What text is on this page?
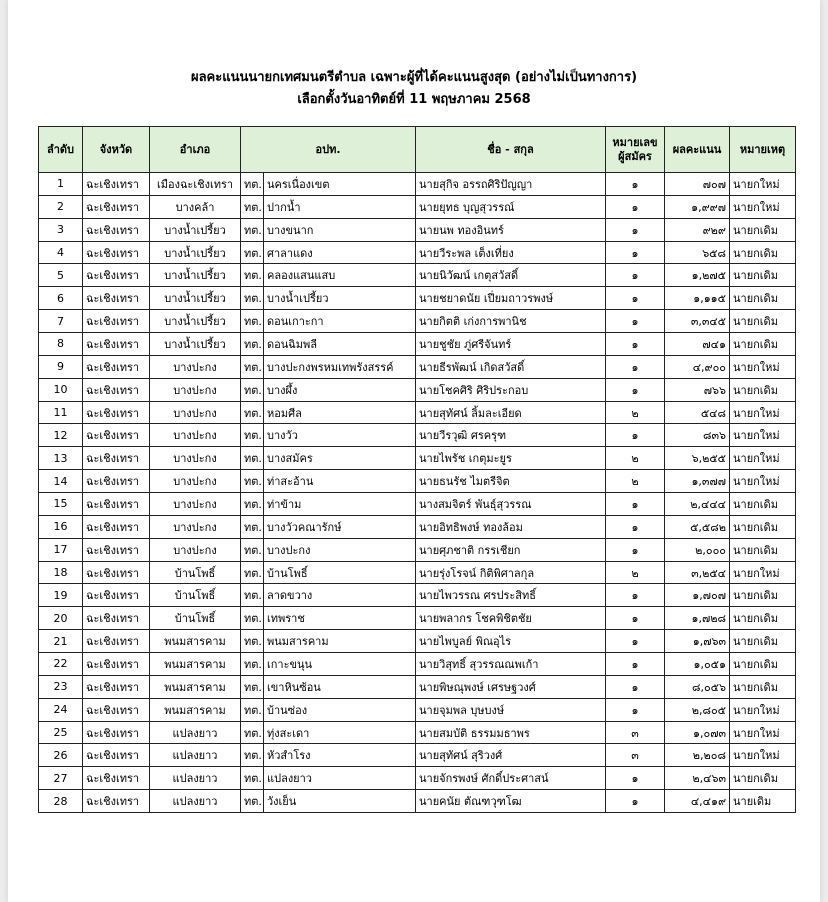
ผลคะแนนนายกเทศมนตรีตำบล เฉพาะผู้ที่ได้คะแนนสูงสุด (อย่างไม่เป็นทางการ)
เลือกตั้งวันอาทิตย์ที่ 11 พฤษภาคม 2568
ลำดับ	จังหวัด	อำเภอ	อปท.		ชื่อ - สกุล	หมายเลข ผู้สมัคร	ผลคะแนน	หมายเหตุ
1	ฉะเชิงเทรา	เมืองฉะเชิงเทรา	ทต.	นครเนื่องเขต	นายสุกิจ อรรถศิริปัญญา	๑	๗๐๗	นายกใหม่
2	ฉะเชิงเทรา	บางคล้า	ทต.	ปากน้ำ	นายยุทธ บุญสุวรรณ์	๑	๑,๙๙๗	นายกใหม่
3	ฉะเชิงเทรา	บางน้ำเปรี้ยว	ทต.	บางขนาก	นายนพ ทองอินทร์	๑	๙๒๙	นายกเดิม
4	ฉะเชิงเทรา	บางน้ำเปรี้ยว	ทต.	ศาลาแดง	นายวีระพล เต็งเที่ยง	๑	๖๕๘	นายกเดิม
5	ฉะเชิงเทรา	บางน้ำเปรี้ยว	ทต.	คลองแสนแสบ	นายนิวัฒน์ เกตุสวัสดิ์	๑	๑,๒๗๕	นายกเดิม
6	ฉะเชิงเทรา	บางน้ำเปรี้ยว	ทต.	บางน้ำเปรี้ยว	นายชยาดนัย เปี่ยมถาวรพงษ์	๑	๑,๑๑๕	นายกเดิม
7	ฉะเชิงเทรา	บางน้ำเปรี้ยว	ทต.	ดอนเกาะกา	นายกิตติ เก่งการพานิช	๑	๓,๓๔๕	นายกเดิม
8	ฉะเชิงเทรา	บางน้ำเปรี้ยว	ทต.	ดอนฉิมพลี	นายชูชัย ภู่ศรีจันทร์	๑	๗๔๑	นายกเดิม
9	ฉะเชิงเทรา	บางปะกง	ทต.	บางปะกงพรหมเทพรังสรรค์	นายธีรพัฒน์ เกิดสวัสดิ์	๑	๔,๙๐๐	นายกใหม่
10	ฉะเชิงเทรา	บางปะกง	ทต.	บางผึ้ง	นายโชคศิริ ศิริประกอบ	๑	๗๖๖	นายกเดิม
11	ฉะเชิงเทรา	บางปะกง	ทต.	หอมศีล	นายสุทัศน์ ลิ้มละเอียด	๒	๕๔๘	นายกใหม่
12	ฉะเชิงเทรา	บางปะกง	ทต.	บางวัว	นายวีรวุฒิ ศรครุฑ	๑	๘๓๖	นายกใหม่
13	ฉะเชิงเทรา	บางปะกง	ทต.	บางสมัคร	นายไพรัช เกตุมะยูร	๒	๖,๒๕๕	นายกใหม่
14	ฉะเชิงเทรา	บางปะกง	ทต.	ท่าสะอ้าน	นายธนรัช ไมตรีจิต	๒	๑,๓๗๗	นายกใหม่
15	ฉะเชิงเทรา	บางปะกง	ทต.	ท่าข้าม	นางสมจิตร์ พันธุ์สุวรรณ	๑	๒,๔๔๔	นายกเดิม
16	ฉะเชิงเทรา	บางปะกง	ทต.	บางวัวคณารักษ์	นายอิทธิพงษ์ ทองล้อม	๑	๕,๕๘๒	นายกเดิม
17	ฉะเชิงเทรา	บางปะกง	ทต.	บางปะกง	นายศุภชาติ กรรเชียก	๑	๒,๐๐๐	นายกเดิม
18	ฉะเชิงเทรา	บ้านโพธิ์	ทต.	บ้านโพธิ์	นายรุ่งโรจน์ กิติพิศาลกุล	๒	๓,๒๕๔	นายกใหม่
19	ฉะเชิงเทรา	บ้านโพธิ์	ทต.	ลาดขวาง	นายไพวรรณ ศรประสิทธิ์	๑	๑,๗๐๗	นายกเดิม
20	ฉะเชิงเทรา	บ้านโพธิ์	ทต.	เทพราช	นายพลากร โชคพิชิตชัย	๑	๑,๗๒๘	นายกเดิม
21	ฉะเชิงเทรา	พนมสารคาม	ทต.	พนมสารคาม	นายไพบูลย์ พิณอุไร	๑	๑,๗๖๓	นายกเดิม
22	ฉะเชิงเทรา	พนมสารคาม	ทต.	เกาะขนุน	นายวิสุทธิ์ สุวรรณณพเก้า	๑	๑,๐๕๑	นายกเดิม
23	ฉะเชิงเทรา	พนมสารคาม	ทต.	เขาหินซ้อน	นายพิษณุพงษ์ เศรษฐวงศ์	๑	๘,๐๕๖	นายกเดิม
24	ฉะเชิงเทรา	พนมสารคาม	ทต.	บ้านซ่อง	นายจุมพล บุษบงษ์	๑	๒,๘๐๕	นายกใหม่
25	ฉะเชิงเทรา	แปลงยาว	ทต.	ทุ่งสะเดา	นายสมบัติ ธรรมมธาพร	๓	๑,๐๗๓	นายกใหม่
26	ฉะเชิงเทรา	แปลงยาว	ทต.	หัวสำโรง	นายสุทัศน์ สุริวงศ์	๓	๒,๒๐๘	นายกใหม่
27	ฉะเชิงเทรา	แปลงยาว	ทต.	แปลงยาว	นายจักรพงษ์ ศักดิ์ประศาสน์	๑	๒,๔๖๓	นายกเดิม
28	ฉะเชิงเทรา	แปลงยาว	ทต.	วังเย็น	นายคนัย ตัณฑวุฑโฒ	๑	๔,๔๑๙	นายเดิม
